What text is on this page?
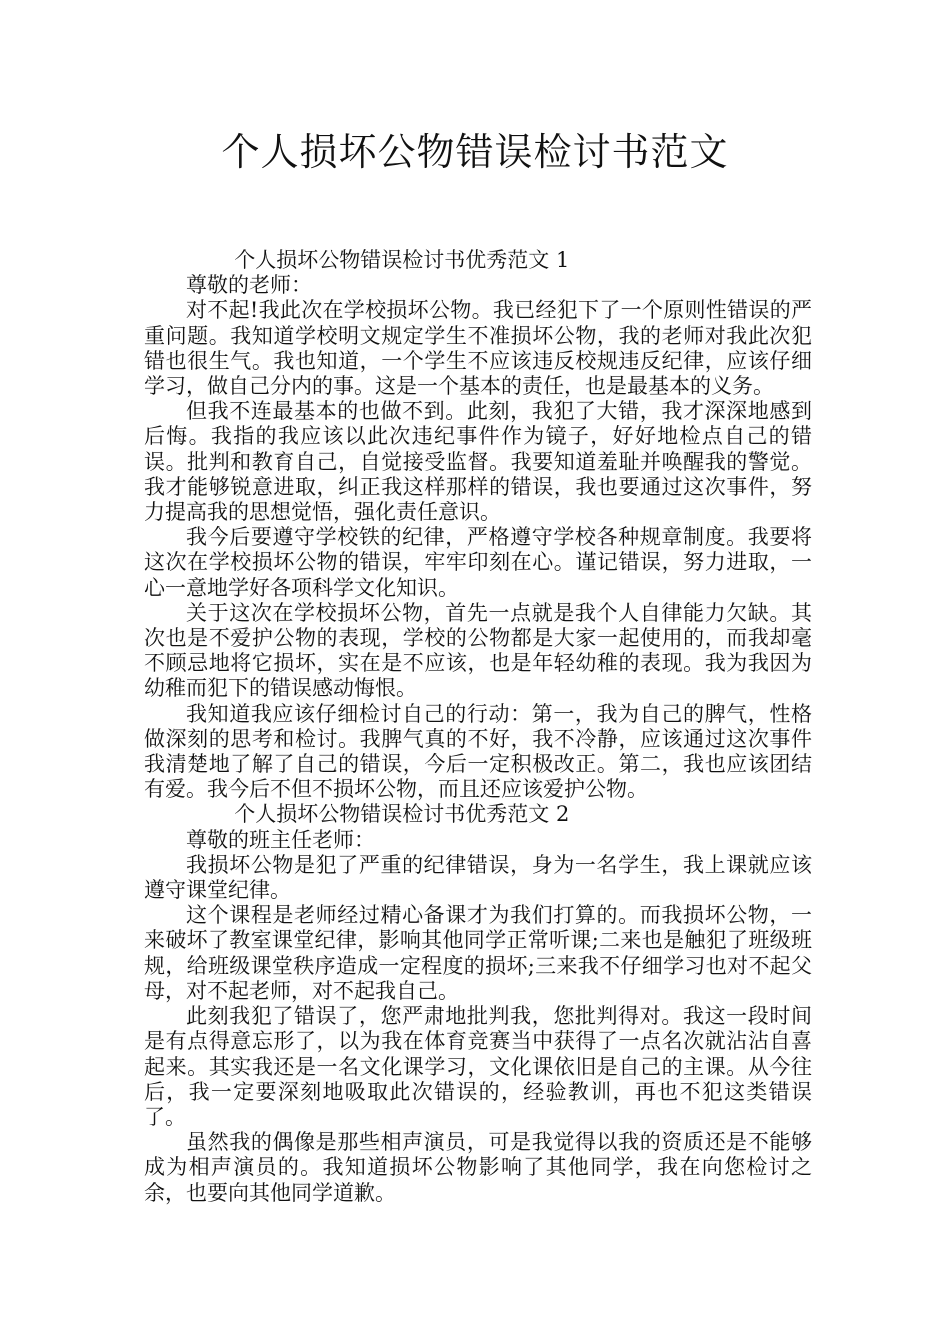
个人损坏公物错误检讨书范文

个人损坏公物错误检讨书优秀范文 1

尊敬的老师：

对不起!我此次在学校损坏公物。我已经犯下了一个原则性错误的严重问题。我知道学校明文规定学生不准损坏公物，我的老师对我此次犯错也很生气。我也知道，一个学生不应该违反校规违反纪律，应该仔细学习，做自己分内的事。这是一个基本的责任，也是最基本的义务。

但我不连最基本的也做不到。此刻，我犯了大错，我才深深地感到后悔。我指的我应该以此次违纪事件作为镜子，好好地检点自己的错误。批判和教育自己，自觉接受监督。我要知道羞耻并唤醒我的警觉。我才能够锐意进取，纠正我这样那样的错误，我也要通过这次事件，努力提高我的思想觉悟，强化责任意识。

我今后要遵守学校铁的纪律，严格遵守学校各种规章制度。我要将这次在学校损坏公物的错误，牢牢印刻在心。谨记错误，努力进取，一心一意地学好各项科学文化知识。

关于这次在学校损坏公物，首先一点就是我个人自律能力欠缺。其次也是不爱护公物的表现，学校的公物都是大家一起使用的，而我却毫不顾忌地将它损坏，实在是不应该，也是年轻幼稚的表现。我为我因为幼稚而犯下的错误感动悔恨。

我知道我应该仔细检讨自己的行动：第一，我为自己的脾气，性格做深刻的思考和检讨。我脾气真的不好，我不冷静，应该通过这次事件我清楚地了解了自己的错误，今后一定积极改正。第二，我也应该团结有爱。我今后不但不损坏公物，而且还应该爱护公物。

个人损坏公物错误检讨书优秀范文 2

尊敬的班主任老师：

我损坏公物是犯了严重的纪律错误，身为一名学生，我上课就应该遵守课堂纪律。

这个课程是老师经过精心备课才为我们打算的。而我损坏公物，一来破坏了教室课堂纪律，影响其他同学正常听课;二来也是触犯了班级班规，给班级课堂秩序造成一定程度的损坏;三来我不仔细学习也对不起父母，对不起老师，对不起我自己。

此刻我犯了错误了，您严肃地批判我，您批判得对。我这一段时间是有点得意忘形了，以为我在体育竞赛当中获得了一点名次就沾沾自喜起来。其实我还是一名文化课学习，文化课依旧是自己的主课。从今往后，我一定要深刻地吸取此次错误的，经验教训，再也不犯这类错误了。

虽然我的偶像是那些相声演员，可是我觉得以我的资质还是不能够成为相声演员的。我知道损坏公物影响了其他同学，我在向您检讨之余，也要向其他同学道歉。
